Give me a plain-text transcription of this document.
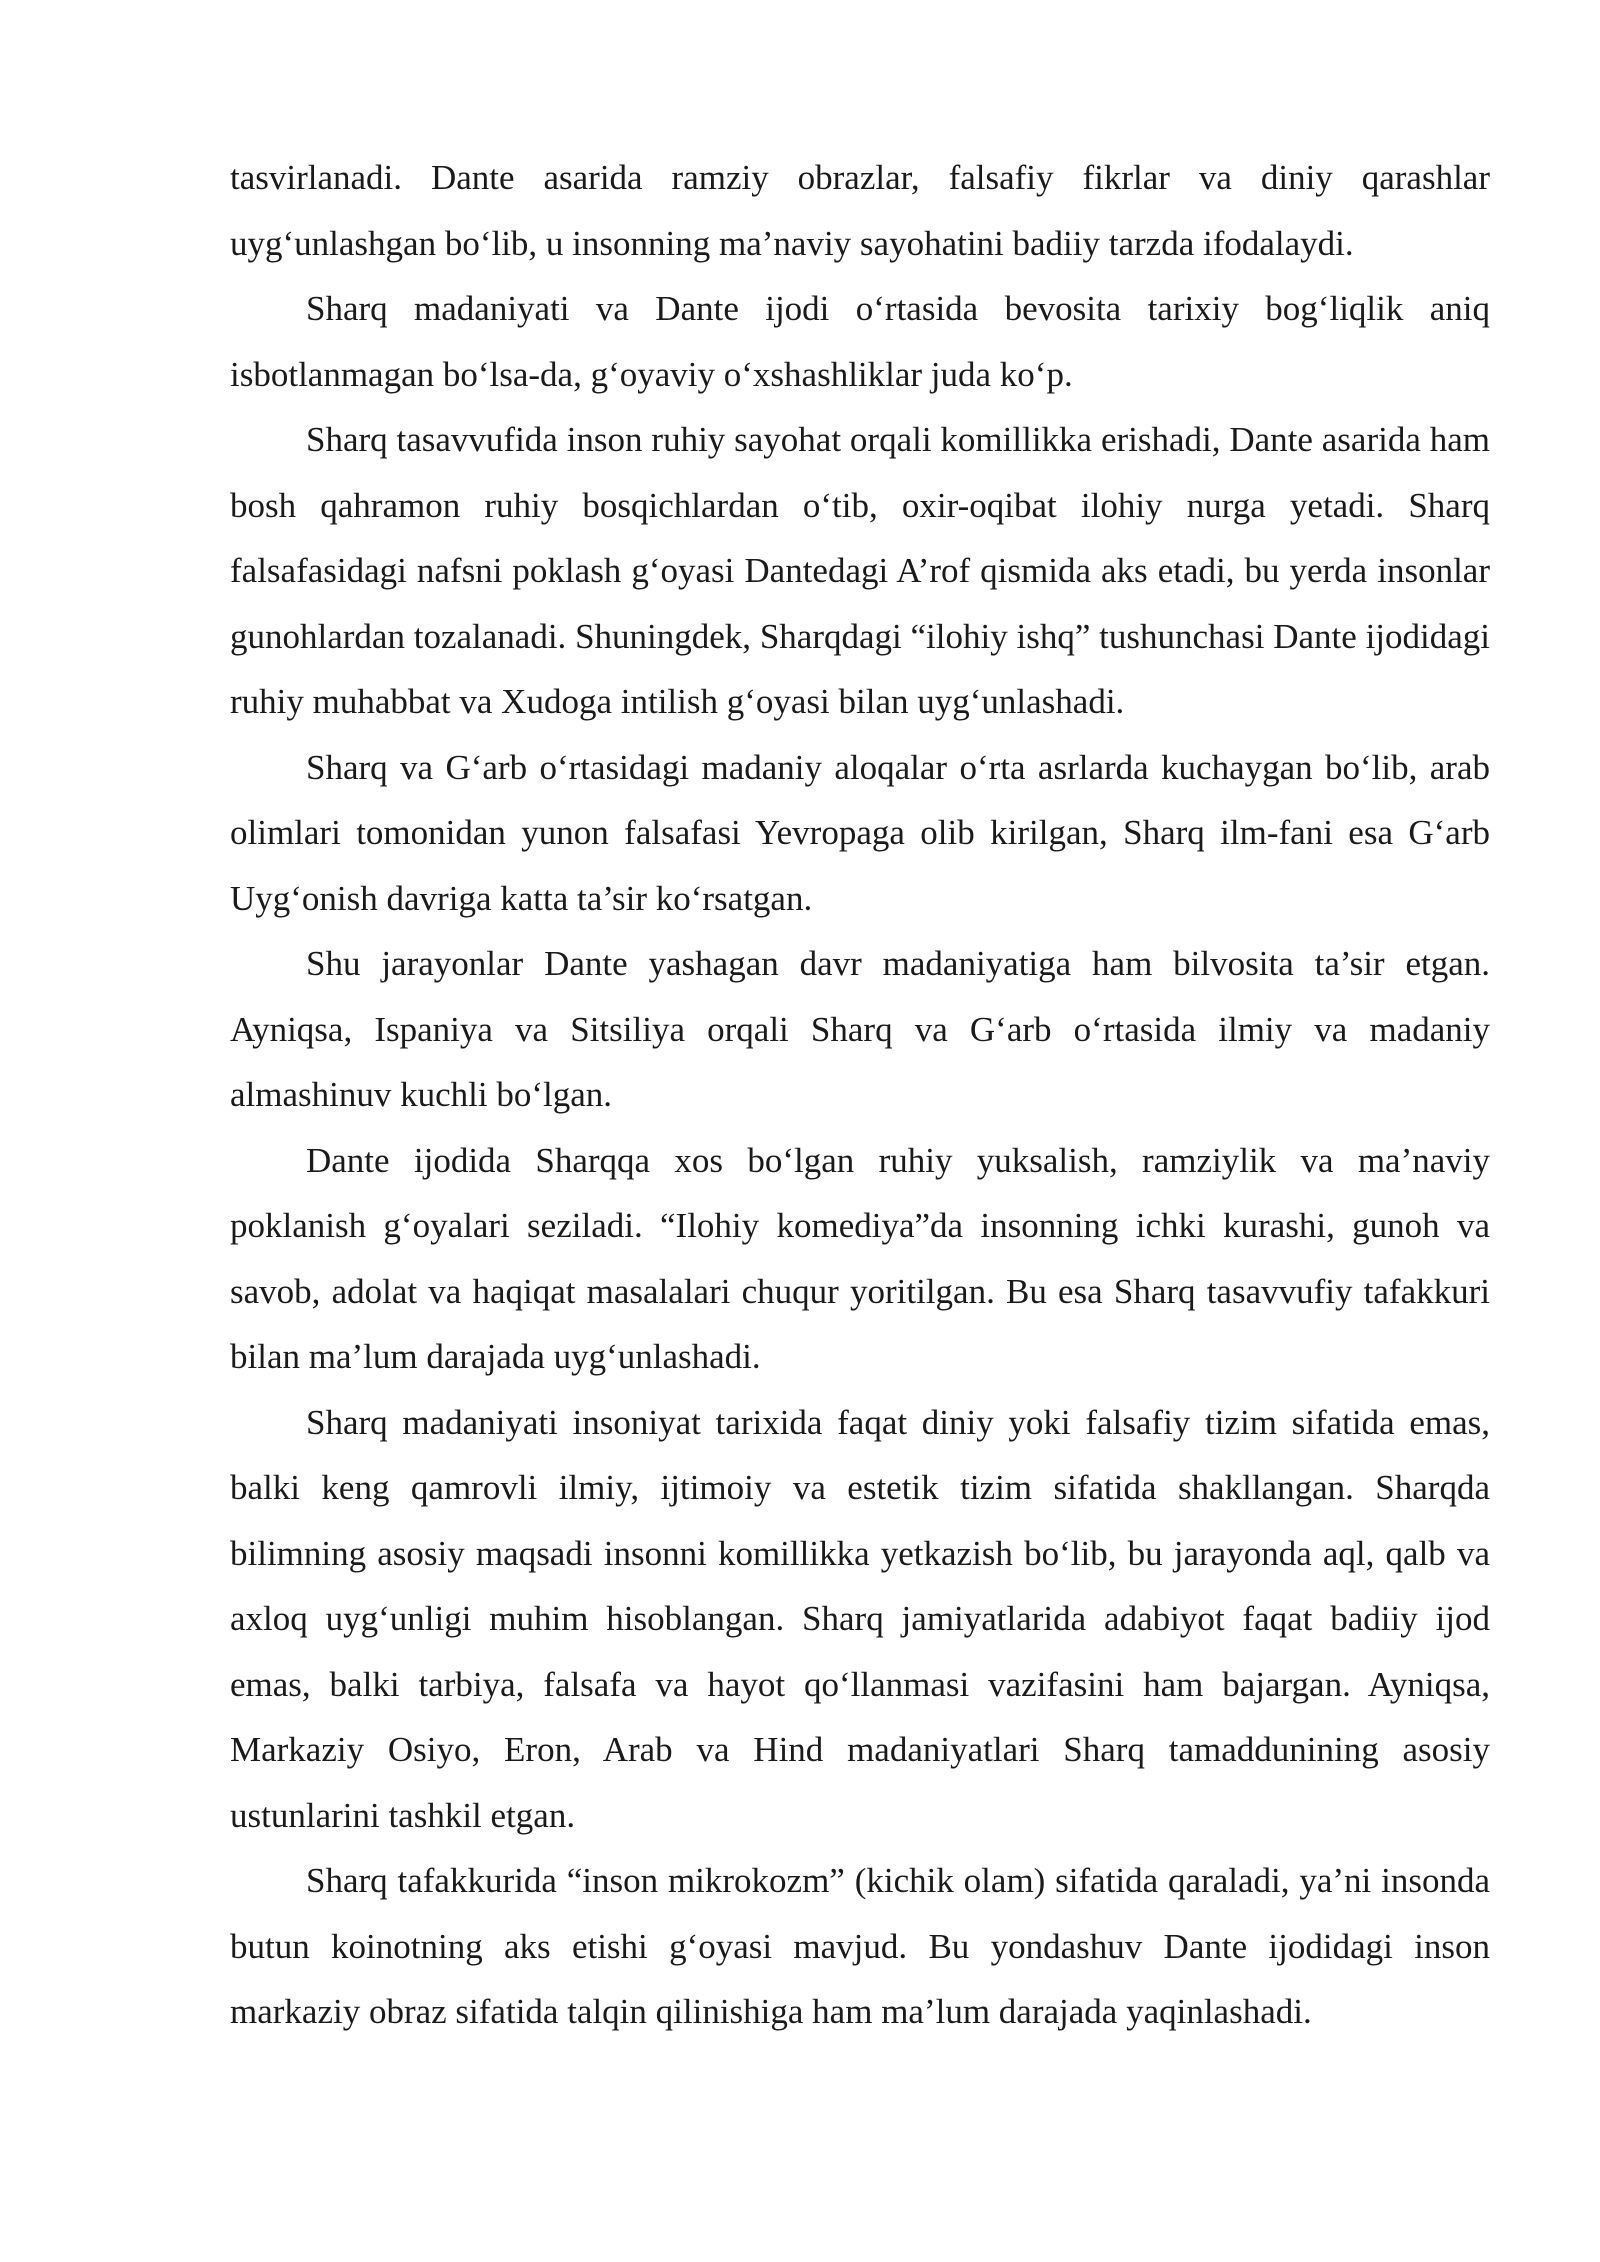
tasvirlanadi. Dante asarida ramziy obrazlar, falsafiy fikrlar va diniy qarashlar uyg‘unlashgan bo‘lib, u insonning ma’naviy sayohatini badiiy tarzda ifodalaydi.

Sharq madaniyati va Dante ijodi o‘rtasida bevosita tarixiy bog‘liqlik aniq isbotlanmagan bo‘lsa-da, g‘oyaviy o‘xshashliklar juda ko‘p.

Sharq tasavvufida inson ruhiy sayohat orqali komillikka erishadi, Dante asarida ham bosh qahramon ruhiy bosqichlardan o‘tib, oxir-oqibat ilohiy nurga yetadi. Sharq falsafasidagi nafsni poklash g‘oyasi Dantedagi A’rof qismida aks etadi, bu yerda insonlar gunohlardan tozalanadi. Shuningdek, Sharqdagi “ilohiy ishq” tushunchasi Dante ijodidagi ruhiy muhabbat va Xudoga intilish g‘oyasi bilan uyg‘unlashadi.

Sharq va G‘arb o‘rtasidagi madaniy aloqalar o‘rta asrlarda kuchaygan bo‘lib, arab olimlari tomonidan yunon falsafasi Yevropaga olib kirilgan, Sharq ilm-fani esa G‘arb Uyg‘onish davriga katta ta’sir ko‘rsatgan.

Shu jarayonlar Dante yashagan davr madaniyatiga ham bilvosita ta’sir etgan. Ayniqsa, Ispaniya va Sitsiliya orqali Sharq va G‘arb o‘rtasida ilmiy va madaniy almashinuv kuchli bo‘lgan.

Dante ijodida Sharqqa xos bo‘lgan ruhiy yuksalish, ramziylik va ma’naviy poklanish g‘oyalari seziladi. “Ilohiy komediya”da insonning ichki kurashi, gunoh va savob, adolat va haqiqat masalalari chuqur yoritilgan. Bu esa Sharq tasavvufiy tafakkuri bilan ma’lum darajada uyg‘unlashadi.

Sharq madaniyati insoniyat tarixida faqat diniy yoki falsafiy tizim sifatida emas, balki keng qamrovli ilmiy, ijtimoiy va estetik tizim sifatida shakllangan. Sharqda bilimning asosiy maqsadi insonni komillikka yetkazish bo‘lib, bu jarayonda aql, qalb va axloq uyg‘unligi muhim hisoblangan. Sharq jamiyatlarida adabiyot faqat badiiy ijod emas, balki tarbiya, falsafa va hayot qo‘llanmasi vazifasini ham bajargan. Ayniqsa, Markaziy Osiyo, Eron, Arab va Hind madaniyatlari Sharq tamaddunining asosiy ustunlarini tashkil etgan.

Sharq tafakkurida “inson mikrokozm” (kichik olam) sifatida qaraladi, ya’ni insonda butun koinotning aks etishi g‘oyasi mavjud. Bu yondashuv Dante ijodidagi inson markaziy obraz sifatida talqin qilinishiga ham ma’lum darajada yaqinlashadi.
